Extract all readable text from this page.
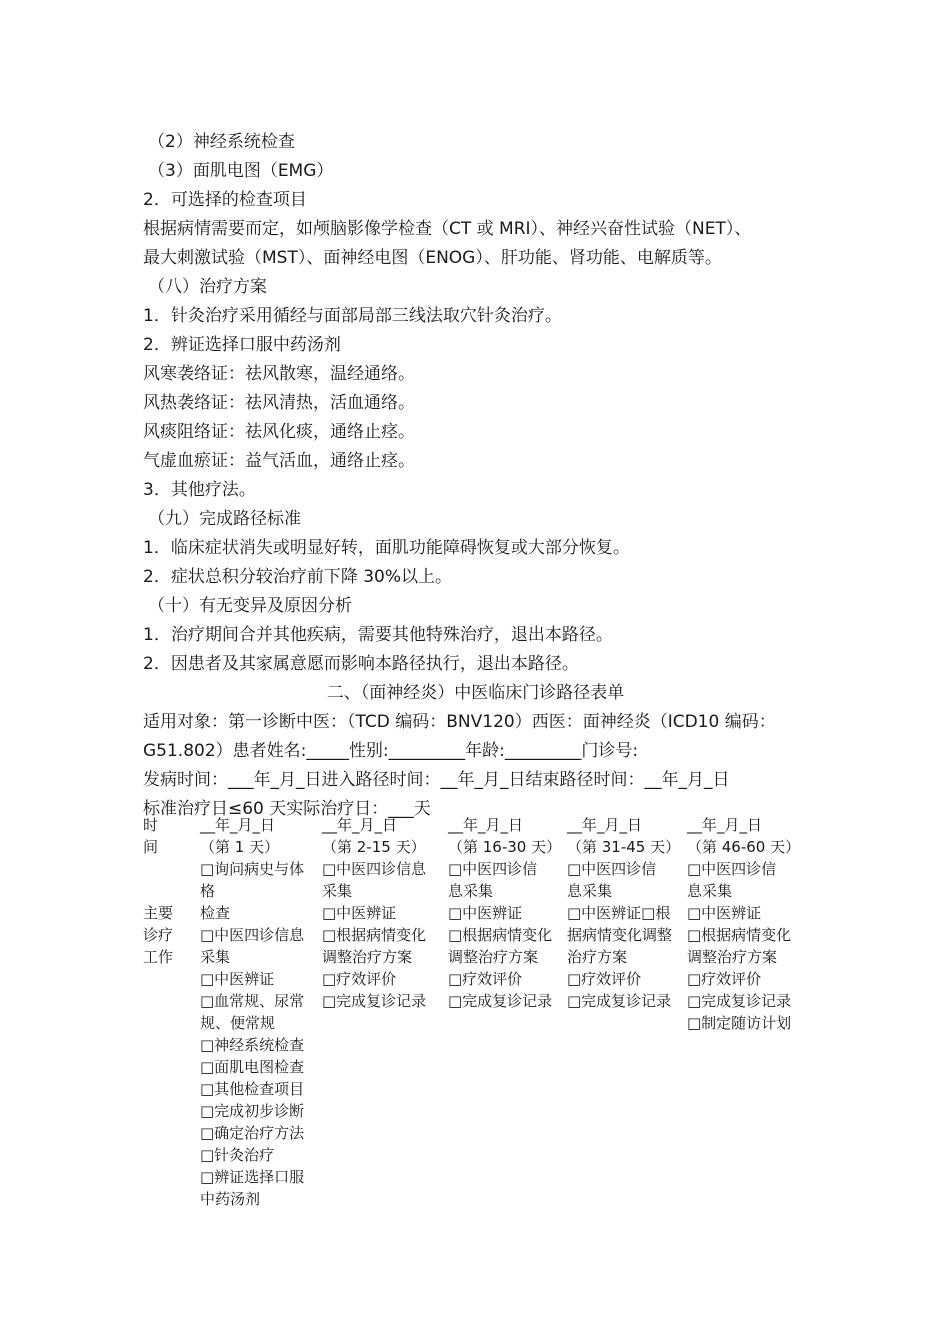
（2）神经系统检查
（3）面肌电图（EMG）
2．可选择的检查项目
根据病情需要而定，如颅脑影像学检查（CT 或 MRI）、神经兴奋性试验（NET）、
最大刺激试验（MST）、面神经电图（ENOG）、肝功能、肾功能、电解质等。
（八）治疗方案
1．针灸治疗采用循经与面部局部三线法取穴针灸治疗。
2．辨证选择口服中药汤剂
风寒袭络证：祛风散寒，温经通络。
风热袭络证：祛风清热，活血通络。
风痰阻络证：祛风化痰，通络止痉。
气虚血瘀证：益气活血，通络止痉。
3．其他疗法。
（九）完成路径标准
1．临床症状消失或明显好转，面肌功能障碍恢复或大部分恢复。
2．症状总积分较治疗前下降 30%以上。
（十）有无变异及原因分析
1．治疗期间合并其他疾病，需要其他特殊治疗，退出本路径。
2．因患者及其家属意愿而影响本路径执行，退出本路径。
二、（面神经炎）中医临床门诊路径表单
适用对象：第一诊断中医：（TCD 编码：BNV120）西医：面神经炎（ICD10 编码：
G51.802）患者姓名:_____性别:_________年龄:_________门诊号:
发病时间：___年_月_日进入路径时间：__年_月_日结束路径时间：__年_月_日
标准治疗日≤60 天实际治疗日：___天
时
间
主要
诊疗
工作
__年_月_日
（第 1 天）
□询问病史与体
格
检查
□中医四诊信息
采集
□中医辨证
□血常规、尿常
规、便常规
□神经系统检查
□面肌电图检查
□其他检查项目
□完成初步诊断
□确定治疗方法
□针灸治疗
□辨证选择口服
中药汤剂
__年_月_日
（第 2-15 天）
□中医四诊信息
采集
□中医辨证
□根据病情变化
调整治疗方案
□疗效评价
□完成复诊记录
__年_月_日
（第 16-30 天）
□中医四诊信
息采集
□中医辨证
□根据病情变化
调整治疗方案
□疗效评价
□完成复诊记录
__年_月_日
（第 31-45 天）
□中医四诊信
息采集
□中医辨证□根
据病情变化调整
治疗方案
□疗效评价
□完成复诊记录
__年_月_日
（第 46-60 天）
□中医四诊信
息采集
□中医辨证
□根据病情变化
调整治疗方案
□疗效评价
□完成复诊记录
□制定随访计划
